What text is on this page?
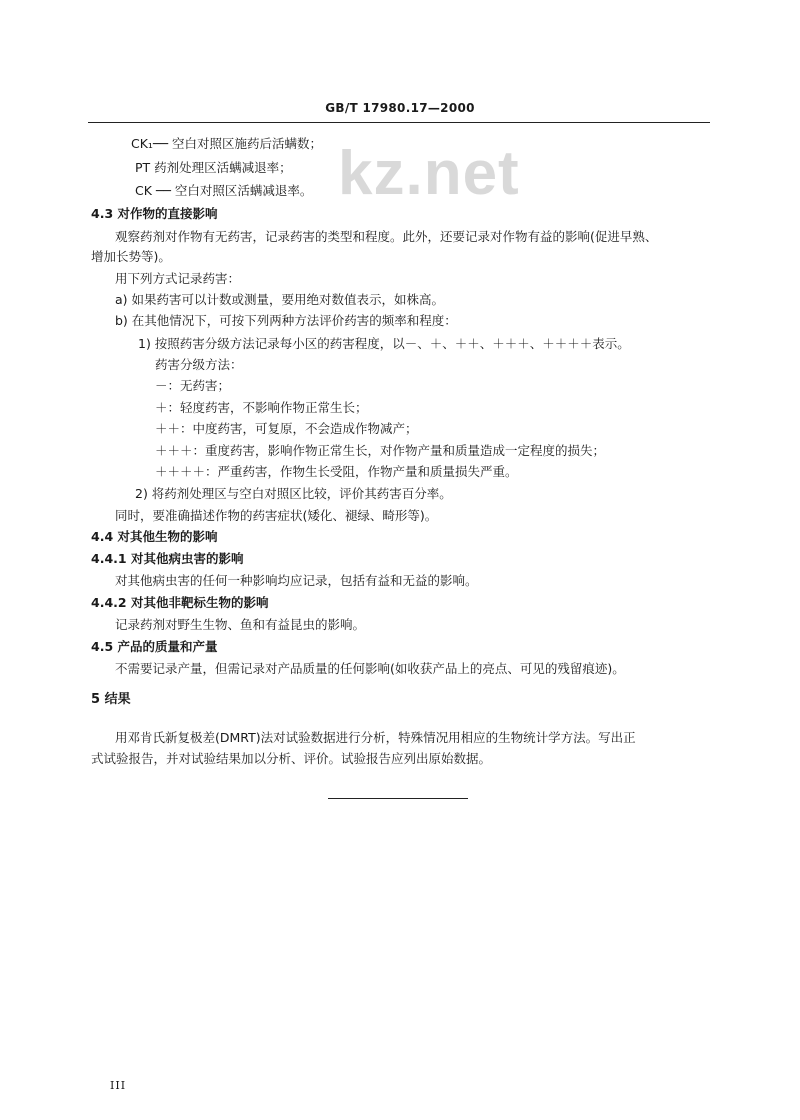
GB/T 17980.17—2000
kz.net
CK₁── 空白对照区施药后活螨数；
PT 药剂处理区活螨减退率；
CK ── 空白对照区活螨减退率。
4.3 对作物的直接影响
观察药剂对作物有无药害，记录药害的类型和程度。此外，还要记录对作物有益的影响(促进早熟、
增加长势等)。
用下列方式记录药害：
a) 如果药害可以计数或测量，要用绝对数值表示，如株高。
b) 在其他情况下，可按下列两种方法评价药害的频率和程度：
1) 按照药害分级方法记录每小区的药害程度，以－、＋、＋＋、＋＋＋、＋＋＋＋表示。
药害分级方法：
－：无药害；
＋：轻度药害，不影响作物正常生长；
＋＋：中度药害，可复原，不会造成作物减产；
＋＋＋：重度药害，影响作物正常生长，对作物产量和质量造成一定程度的损失；
＋＋＋＋：严重药害，作物生长受阻，作物产量和质量损失严重。
2) 将药剂处理区与空白对照区比较，评价其药害百分率。
同时，要准确描述作物的药害症状(矮化、褪绿、畸形等)。
4.4 对其他生物的影响
4.4.1 对其他病虫害的影响
对其他病虫害的任何一种影响均应记录，包括有益和无益的影响。
4.4.2 对其他非靶标生物的影响
记录药剂对野生生物、鱼和有益昆虫的影响。
4.5 产品的质量和产量
不需要记录产量，但需记录对产品质量的任何影响(如收获产品上的亮点、可见的残留痕迹)。
5 结果
用邓肯氏新复极差(DMRT)法对试验数据进行分析，特殊情况用相应的生物统计学方法。写出正
式试验报告，并对试验结果加以分析、评价。试验报告应列出原始数据。
III
